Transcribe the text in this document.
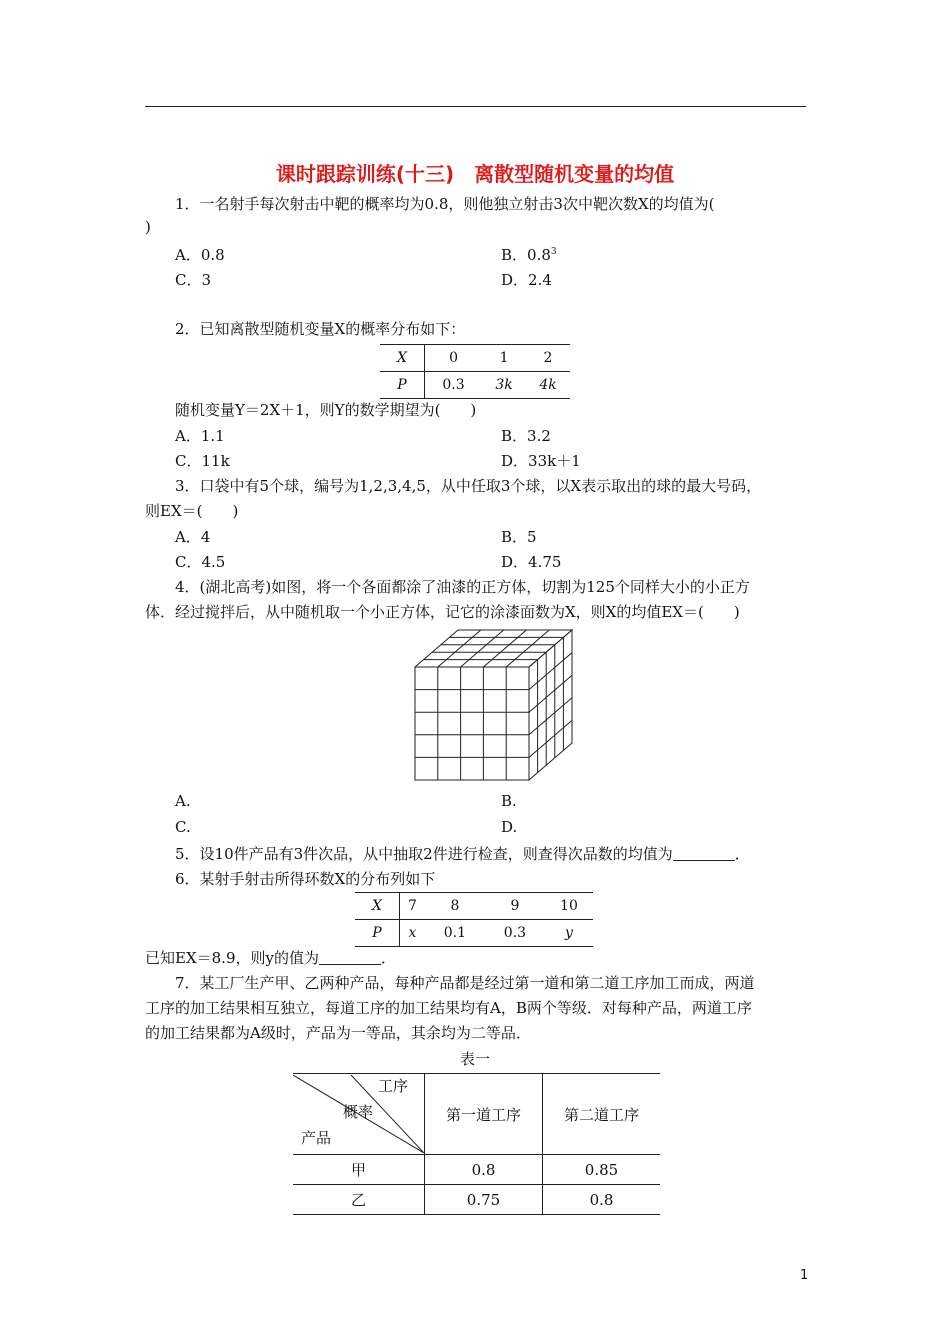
课时跟踪训练(十三)　离散型随机变量的均值
1．一名射手每次射击中靶的概率均为0.8，则他独立射击3次中靶次数X的均值为(
)
A．0.8	B．$0.8^3$
C．3	D．2.4
2．已知离散型随机变量X的概率分布如下：
X	0	1	2
P	0.3	3k	4k
随机变量Y＝2X＋1，则Y的数学期望为(　　)
A．1.1	B．3.2
C．11k	D．33k＋1
3．口袋中有5个球，编号为1,2,3,4,5，从中任取3个球，以X表示取出的球的最大号码，
则EX＝(　　)
A．4	B．5
C．4.5	D．4.75
4．(湖北高考)如图，将一个各面都涂了油漆的正方体，切割为125个同样大小的小正方
体．经过搅拌后，从中随机取一个小正方体，记它的涂漆面数为X，则X的均值EX＝(　　)
A.	B.
C.	D.
5．设10件产品有3件次品，从中抽取2件进行检查，则查得次品数的均值为	．
6．某射手射击所得环数X的分布列如下
X	7	8	9	10
P	x	0.1	0.3	y
已知EX＝8.9，则y的值为	．
7．某工厂生产甲、乙两种产品，每种产品都是经过第一道和第二道工序加工而成，两道
工序的加工结果相互独立，每道工序的加工结果均有A，B两个等级．对每种产品，两道工序
的加工结果都为A级时，产品为一等品，其余均为二等品．
表一
工序
概率
产品	第一道工序	第二道工序
甲	0.8	0.85
乙	0.75	0.8
1
